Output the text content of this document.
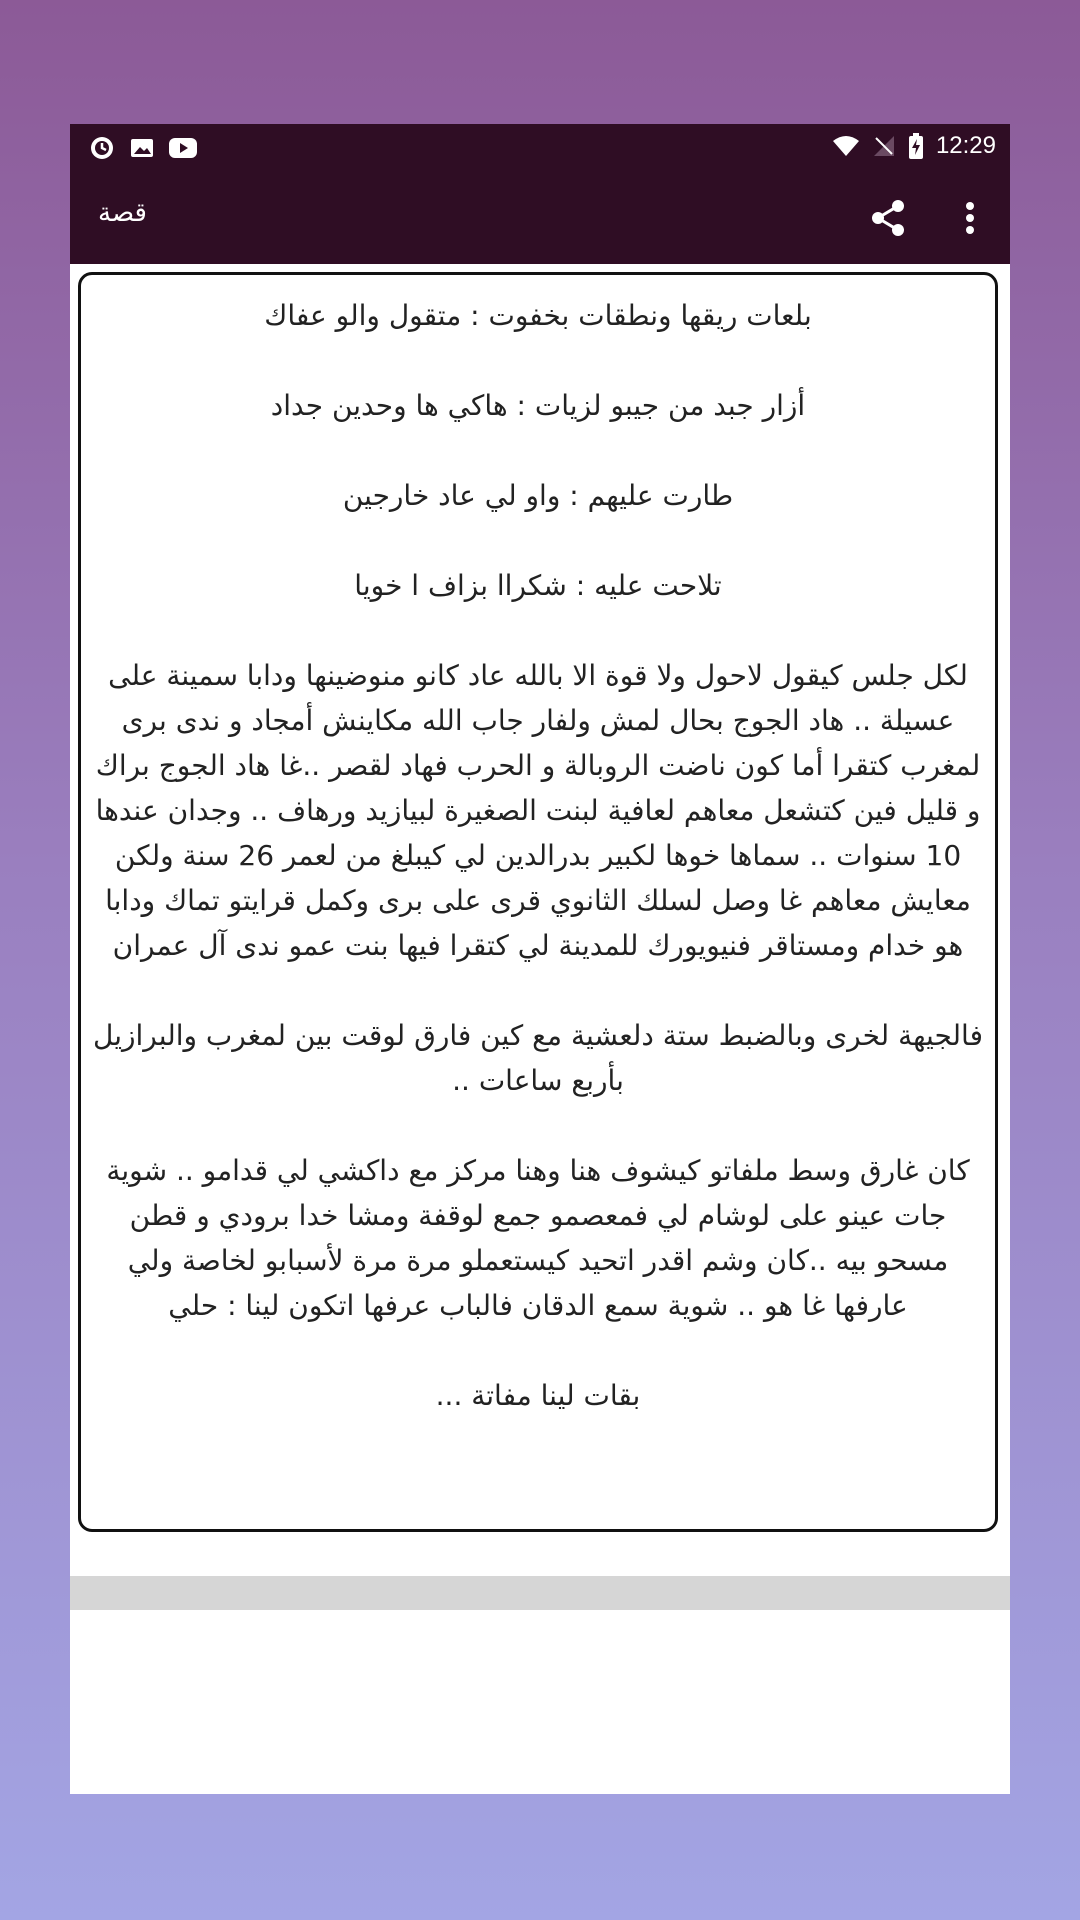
12:29
قصة

بلعات ريقها ونطقات بخفوت : متقول والو عفاك

أزار جبد من جيبو لزيات : هاكي ها وحدين جداد

طارت عليهم : واو لي عاد خارجين

تلاحت عليه : شكراا بزاف ا خويا

لكل جلس كيقول لاحول ولا قوة الا بالله عاد كانو منوضينها ودابا سمينة على عسيلة .. هاد الجوج بحال لمش ولفار جاب الله مكاينش أمجاد و ندى برى لمغرب كتقرا أما كون ناضت الروبالة و الحرب فهاد لقصر ..غا هاد الجوج براك و قليل فين كتشعل معاهم لعافية لبنت الصغيرة لبيازيد ورهاف .. وجدان عندها 10 سنوات .. سماها خوها لكبير بدرالدين لي كيبلغ من لعمر 26 سنة ولكن معايش معاهم غا وصل لسلك الثانوي قرى على برى وكمل قرايتو تماك ودابا هو خدام ومستاقر فنيويورك للمدينة لي كتقرا فيها بنت عمو ندى آل عمران

فالجيهة لخرى وبالضبط ستة دلعشية مع كين فارق لوقت بين لمغرب والبرازيل بأربع ساعات ..

كان غارق وسط ملفاتو كيشوف هنا وهنا مركز مع داكشي لي قدامو .. شوية جات عينو على لوشام لي فمعصمو جمع لوقفة ومشا خدا برودي و قطن مسحو بيه ..كان وشم اقدر اتحيد كيستعملو مرة مرة لأسبابو لخاصة ولي عارفها غا هو .. شوية سمع الدقان فالباب عرفها اتكون لينا : حلي

بقات لينا مفاتة ...
